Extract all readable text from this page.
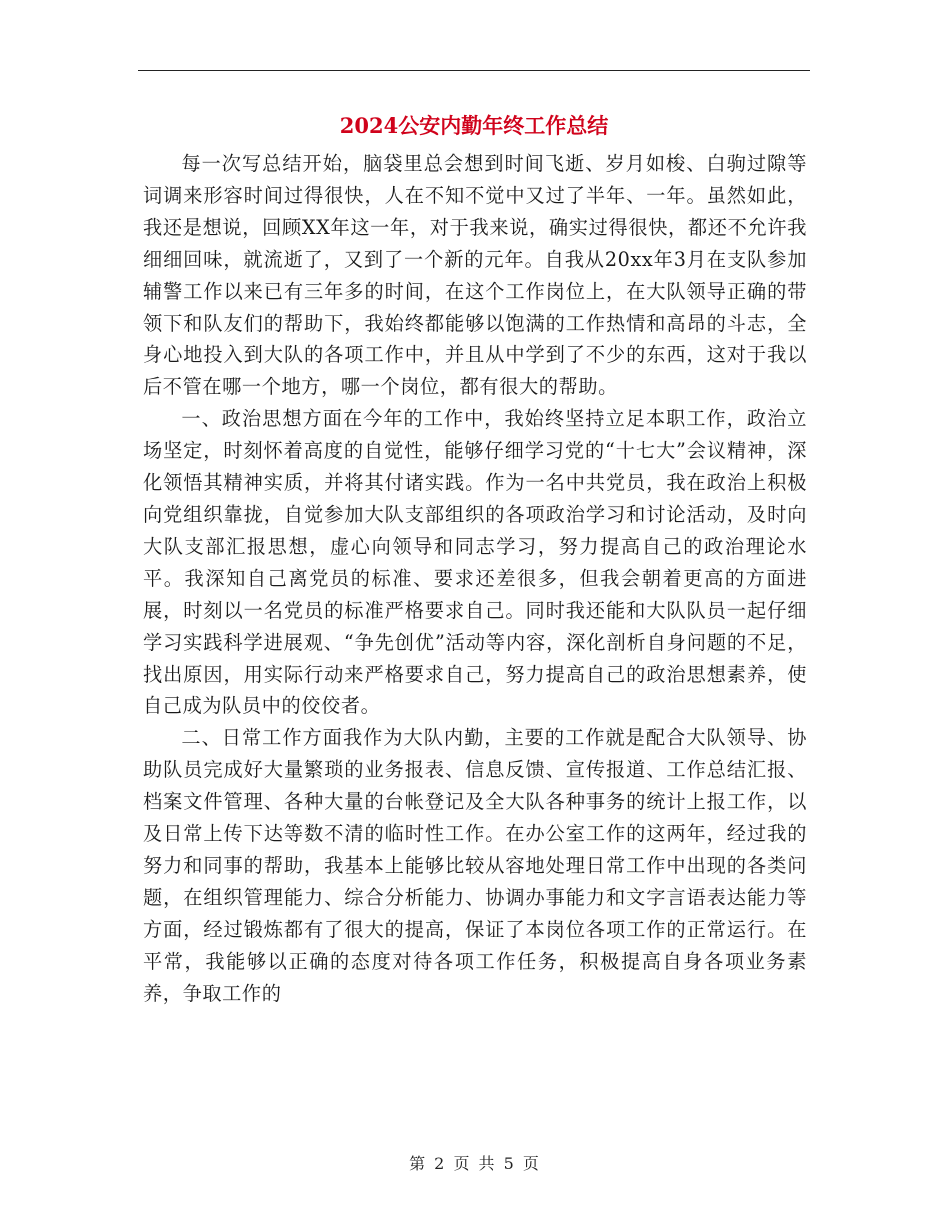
2024公安内勤年终工作总结

每一次写总结开始，脑袋里总会想到时间飞逝、岁月如梭、白驹过隙等词调来形容时间过得很快，人在不知不觉中又过了半年、一年。虽然如此，我还是想说，回顾XX年这一年，对于我来说，确实过得很快，都还不允许我细细回味，就流逝了，又到了一个新的元年。自我从20xx年3月在支队参加辅警工作以来已有三年多的时间，在这个工作岗位上，在大队领导正确的带领下和队友们的帮助下，我始终都能够以饱满的工作热情和高昂的斗志，全身心地投入到大队的各项工作中，并且从中学到了不少的东西，这对于我以 后不管在哪一个地方，哪一个岗位，都有很大的帮助。

一、政治思想方面在今年的工作中，我始终坚持立足本职工作，政治立场坚定，时刻怀着高度的自觉性，能够仔细学习党的“十七大”会议精神，深化领悟其精神实质，并将其付诸实践。作为一名中共党员，我在政治上积极向党组织靠拢，自觉参加大队支部组织的各项政治学习和讨论活动，及时向大队支部汇报思想，虚心向领导和同志学习，努力提高自己的政治理论水平。我深知自己离党员的标准、要求还差很多，但我会朝着更高的方面进展，时刻以一名党员的标准严格要求自己。同时我还能和大队队员一起仔细学习实践科学进展观、“争先创优”活动等内容，深化剖析自身问题的不足，找出原因，用实际行动来严格要求自己，努力提高自己的政治思想素养，使自己成为队员中的佼佼者。

二、日常工作方面我作为大队内勤，主要的工作就是配合大队领导、协助队员完成好大量繁琐的业务报表、信息反馈、宣传报道、工作总结汇报、档案文件管理、各种大量的台帐登记及全大队各种事务的统计上报工作，以及日常上传下达等数不清的临时性工作。在办公室工作的这两年，经过我的努力和同事的帮助，我基本上能够比较从容地处理日常工作中出现的各类问题，在组织管理能力、综合分析能力、协调办事能力和文字言语表达能力等方面，经过锻炼都有了很大的提高，保证了本岗位各项工作的正常运行。在平常，我能够以正确的态度对待各项工作任务，积极提高自身各项业务素养，争取工作的

第 2 页 共 5 页
